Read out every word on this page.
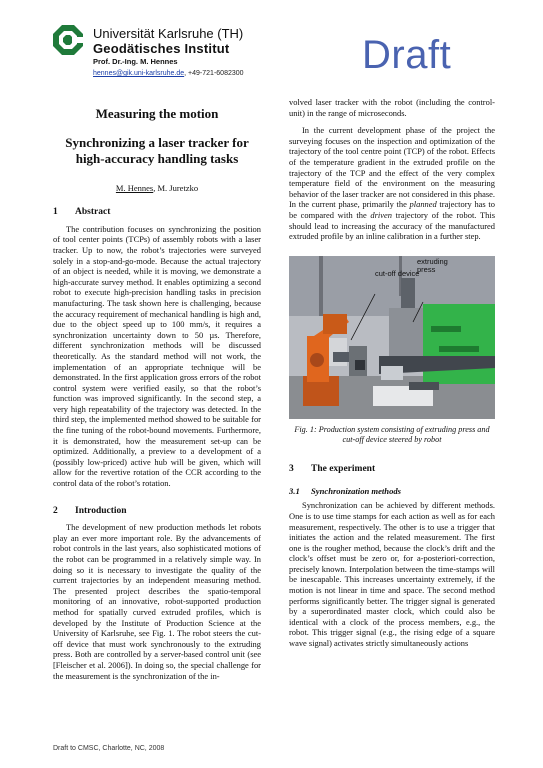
Universität Karlsruhe (TH)
Geodätisches Institut
Prof. Dr.-Ing. M. Hennes
hennes@gik.uni-karlsruhe.de, +49-721-6082300	Draft
Measuring the motion
Synchronizing a laser tracker for high-accuracy handling tasks
M. Hennes, M. Juretzko
1 Abstract

The contribution focuses on synchronizing the position of tool center points (TCPs) of assembly robots with a laser tracker. Up to now, the robot’s trajectories were surveyed solely in a stop-and-go-mode. Because the actual trajectory of an object is needed, while it is moving, we demonstrate a high-accurate survey method. It enables optimizing a second robot to execute high-precision handling tasks in precision manufacturing. The task shown here is challenging, because the accuracy requirement of mechanical handling is high and, due to the object speed up to 100 mm/s, it requires a synchronization uncertainty down to 50 µs. Therefore, different synchronization methods will be discussed theoretically. As the standard method will not work, the implementation of an appropriate technique will be demonstrated. In the first application gross errors of the robot control system were verified easily, so that the robot’s function was improved significantly. In the second step, a very high repeatability of the trajectory was detected. In the third step, the implemented method showed to be suitable for the fine tuning of the robot-bound movements. Furthermore, it is demonstrated, how the measurement set-up can be optimized. Additionally, a preview to a development of a (possibly low-priced) active hub will be given, which will allow for the revertive rotation of the CCR according to the control data of the robot’s rotation.

2 Introduction

The development of new production methods let robots play an ever more important role. By the advancements of robot controls in the last years, also sophisticated motions of the robot can be programmed in a relatively simple way. In doing so it is necessary to investigate the quality of the current trajectories by an independent measuring method. The presented project describes the spatio-temporal monitoring of an innovative, robot-supported production method for spatially curved extruded profiles, which is developed by the Institute of Production Science at the University of Karlsruhe, see Fig. 1. The robot steers the cut-off device that must work synchronously to the extruding press. Both are controlled by a server-based control unit (see [Fleischer et al. 2006]). In doing so, the special challenge for the measurement is the synchronization of the in-

volved laser tracker with the robot (including the control-unit) in the range of microseconds.

In the current development phase of the project the surveying focuses on the inspection and optimization of the trajectory of the tool centre point (TCP) of the robot. Effects of the temperature gradient in the extruded profile on the trajectory of the TCP and the effect of the very complex temperature field of the environment on the measuring behavior of the laser tracker are not considered in this phase. In the current phase, primarily the planned trajectory has to be compared with the driven trajectory of the robot. This should lead to increasing the accuracy of the manufactured extruded profile by an inline calibration in a further step.

cut-off device
extruding press
Fig. 1: Production system consisting of extruding press and cut-off device steered by robot
3 The experiment
3.1 Synchronization methods

Synchronization can be achieved by different methods. One is to use time stamps for each action as well as for each measurement, respectively. The other is to use a trigger that initiates the action and the related measurement. The first one is the rougher method, because the clock’s drift and the clock’s offset must be zero or, for a-posteriori-correction, precisely known. Interpolation between the time-stamps will be inescapable. This increases uncertainty extremely, if the motion is not linear in time and space. The second method performs significantly better. The trigger signal is generated by a superordinated master clock, which could also be identical with a clock of the process members, e.g., the robot. This trigger signal (e.g., the rising edge of a square wave signal) activates strictly simultaneously actions

Draft to CMSC, Charlotte, NC, 2008
